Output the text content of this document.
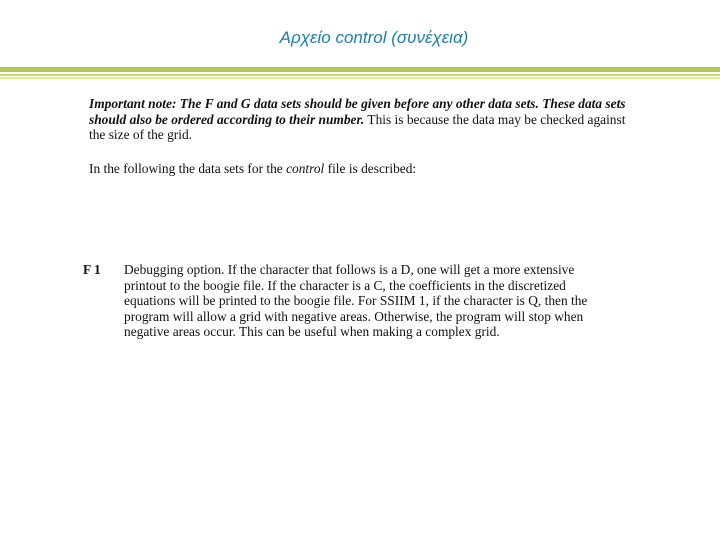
Αρχείο control (συνέχεια)
Important note: The F and G data sets should be given before any other data sets. These data sets should also be ordered according to their number. This is because the data may be checked against the size of the grid.
In the following the data sets for the control file is described:
F 1	Debugging option. If the character that follows is a D, one will get a more extensive printout to the boogie file. If the character is a C, the coefficients in the discretized equations will be printed to the boogie file. For SSIIM 1, if the character is Q, then the program will allow a grid with negative areas. Otherwise, the program will stop when negative areas occur. This can be useful when making a complex grid.
